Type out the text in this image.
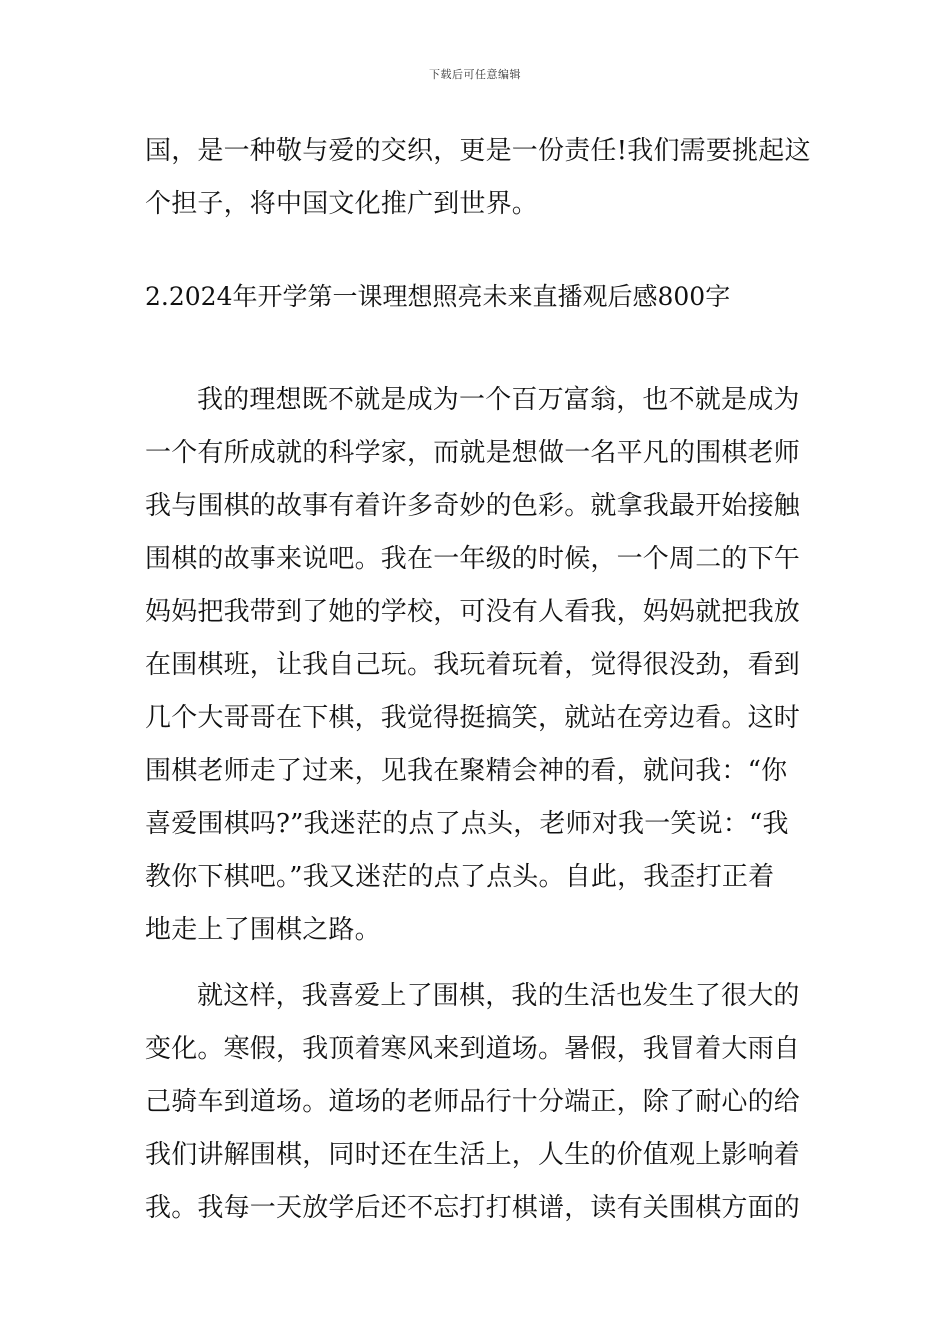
下载后可任意编辑
国，是一种敬与爱的交织，更是一份责任!我们需要挑起这
个担子，将中国文化推广到世界。
2.2024年开学第一课理想照亮未来直播观后感800字
我的理想既不就是成为一个百万富翁，也不就是成为
一个有所成就的科学家，而就是想做一名平凡的围棋老师
我与围棋的故事有着许多奇妙的色彩。就拿我最开始接触
围棋的故事来说吧。我在一年级的时候，一个周二的下午
妈妈把我带到了她的学校，可没有人看我，妈妈就把我放
在围棋班，让我自己玩。我玩着玩着，觉得很没劲，看到
几个大哥哥在下棋，我觉得挺搞笑，就站在旁边看。这时
围棋老师走了过来，见我在聚精会神的看，就问我：“你
喜爱围棋吗?”我迷茫的点了点头，老师对我一笑说：“我
教你下棋吧。”我又迷茫的点了点头。自此，我歪打正着
地走上了围棋之路。
就这样，我喜爱上了围棋，我的生活也发生了很大的
变化。寒假，我顶着寒风来到道场。暑假，我冒着大雨自
己骑车到道场。道场的老师品行十分端正，除了耐心的给
我们讲解围棋，同时还在生活上，人生的价值观上影响着
我。我每一天放学后还不忘打打棋谱，读有关围棋方面的
